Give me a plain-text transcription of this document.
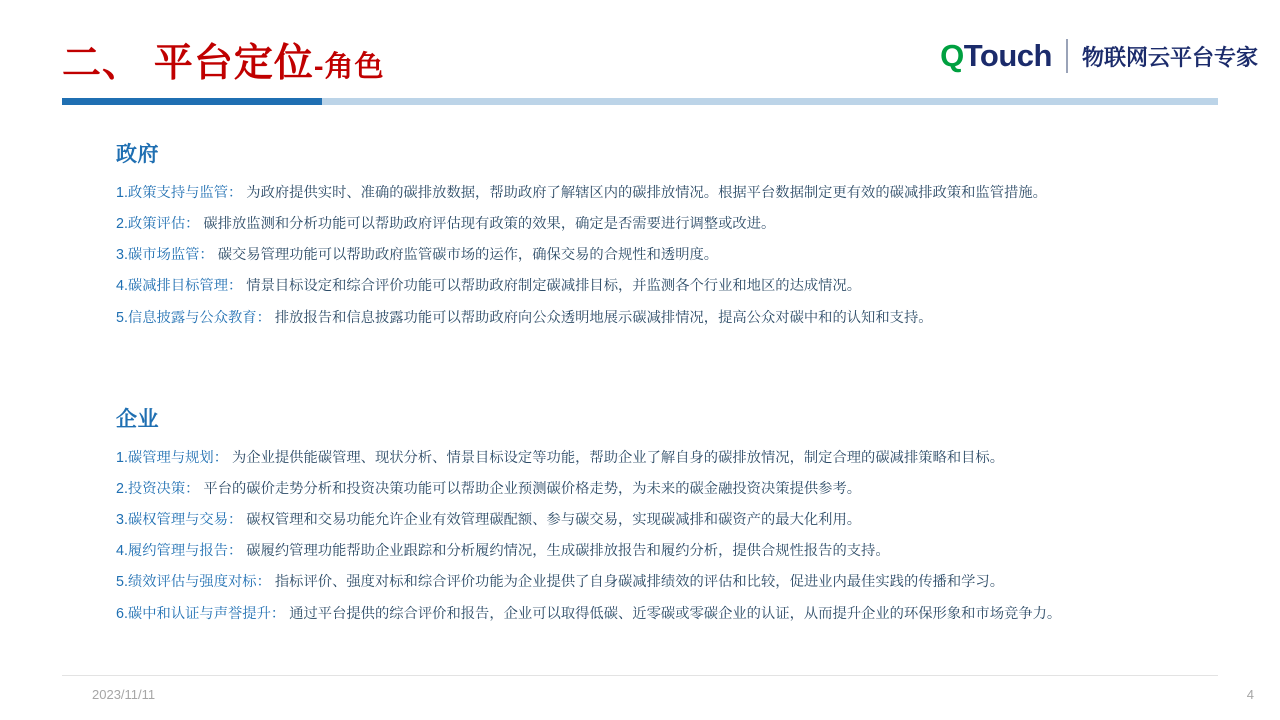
二、 平台定位-角色	QTouch 物联网云平台专家
政府
1.政策支持与监管： 为政府提供实时、准确的碳排放数据，帮助政府了解辖区内的碳排放情况。根据平台数据制定更有效的碳减排政策和监管措施。
2.政策评估： 碳排放监测和分析功能可以帮助政府评估现有政策的效果，确定是否需要进行调整或改进。
3.碳市场监管： 碳交易管理功能可以帮助政府监管碳市场的运作，确保交易的合规性和透明度。
4.碳减排目标管理： 情景目标设定和综合评价功能可以帮助政府制定碳减排目标，并监测各个行业和地区的达成情况。
5.信息披露与公众教育： 排放报告和信息披露功能可以帮助政府向公众透明地展示碳减排情况，提高公众对碳中和的认知和支持。
企业
1.碳管理与规划： 为企业提供能碳管理、现状分析、情景目标设定等功能，帮助企业了解自身的碳排放情况，制定合理的碳减排策略和目标。
2.投资决策： 平台的碳价走势分析和投资决策功能可以帮助企业预测碳价格走势，为未来的碳金融投资决策提供参考。
3.碳权管理与交易： 碳权管理和交易功能允许企业有效管理碳配额、参与碳交易，实现碳减排和碳资产的最大化利用。
4.履约管理与报告： 碳履约管理功能帮助企业跟踪和分析履约情况，生成碳排放报告和履约分析，提供合规性报告的支持。
5.绩效评估与强度对标： 指标评价、强度对标和综合评价功能为企业提供了自身碳减排绩效的评估和比较，促进业内最佳实践的传播和学习。
6.碳中和认证与声誉提升： 通过平台提供的综合评价和报告，企业可以取得低碳、近零碳或零碳企业的认证，从而提升企业的环保形象和市场竞争力。
2023/11/11	4
